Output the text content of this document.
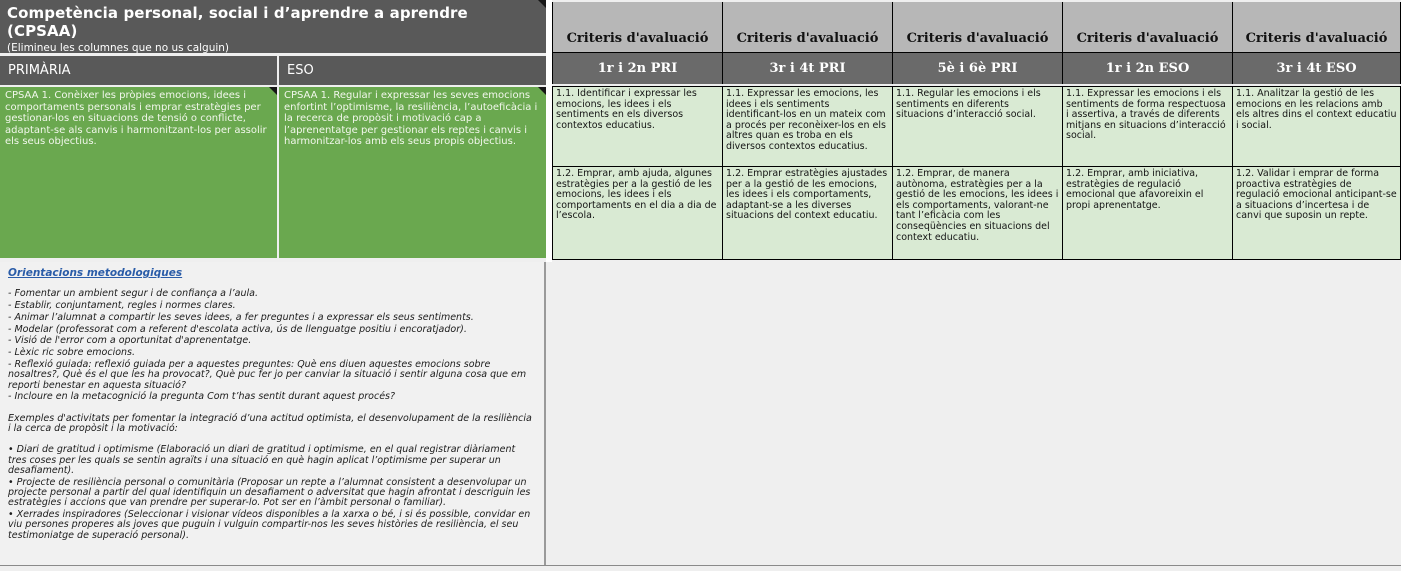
Competència personal, social i d’aprendre a aprendre (CPSAA)
(Elimineu les columnes que no us calguin)
PRIMÀRIA	ESO
CPSAA 1. Conèixer les pròpies emocions, idees i comportaments personals i emprar estratègies per gestionar-los en situacions de tensió o conflicte, adaptant-se als canvis i harmonitzant-los per assolir els seus objectius.
CPSAA 1. Regular i expressar les seves emocions enfortint l’optimisme, la resiliència, l’autoeficàcia i la recerca de propòsit i motivació cap a l’aprenentatge per gestionar els reptes i canvis i harmonitzar-los amb els seus propis objectius.
Orientacions metodologiques
- Fomentar un ambient segur i de confiança a l’aula.
- Establir, conjuntament, regles i normes clares.
- Animar l’alumnat a compartir les seves idees, a fer preguntes i a expressar els seus sentiments.
- Modelar (professorat com a referent d'escolata activa, ús de llenguatge positiu i encoratjador).
- Visió de l'error com a oportunitat d'aprenentatge.
- Lèxic ric sobre emocions.
- Reflexió guiada: reflexió guiada per a aquestes preguntes: Què ens diuen aquestes emocions sobre nosaltres?, Què és el que les ha provocat?, Què puc fer jo per canviar la situació i sentir alguna cosa que em reporti benestar en aquesta situació?
- Incloure en la metacognició la pregunta Com t’has sentit durant aquest procés?
Exemples d'activitats per fomentar la integració d’una actitud optimista, el desenvolupament de la resiliència i la cerca de propòsit i la motivació:
• Diari de gratitud i optimisme (Elaboració un diari de gratitud i optimisme, en el qual registrar diàriament tres coses per les quals se sentin agraïts i una situació en què hagin aplicat l’optimisme per superar un desafiament).
• Projecte de resiliència personal o comunitària (Proposar un repte a l’alumnat consistent a desenvolupar un projecte personal a partir del qual identifiquin un desafiament o adversitat que hagin afrontat i descriguin les estratègies i accions que van prendre per superar-lo. Pot ser en l’àmbit personal o familiar).
• Xerrades inspiradores (Seleccionar i visionar vídeos disponibles a la xarxa o bé, i si és possible, convidar en viu persones properes als joves que puguin i vulguin compartir-nos les seves històries de resiliència, el seu testimoniatge de superació personal).
Criteris d'avaluació
1r i 2n PRI
1.1. Identificar i expressar les emocions, les idees i els sentiments en els diversos contextos educatius.
1.2. Emprar, amb ajuda, algunes estratègies per a la gestió de les emocions, les idees i els comportaments en el dia a dia de l’escola.
Criteris d'avaluació
3r i 4t PRI
1.1. Expressar les emocions, les idees i els sentiments identificant-los en un mateix com a procés per reconèixer-los en els altres quan es troba en els diversos contextos educatius.
1.2. Emprar estratègies ajustades per a la gestió de les emocions, les idees i els comportaments, adaptant-se a les diverses situacions del context educatiu.
Criteris d'avaluació
5è i 6è PRI
1.1. Regular les emocions i els sentiments en diferents situacions d’interacció social.
1.2. Emprar, de manera autònoma, estratègies per a la gestió de les emocions, les idees i els comportaments, valorant-ne tant l’eficàcia com les conseqüències en situacions del context educatiu.
Criteris d'avaluació
1r i 2n ESO
1.1. Expressar les emocions i els sentiments de forma respectuosa i assertiva, a través de diferents mitjans en situacions d’interacció social.
1.2. Emprar, amb iniciativa, estratègies de regulació emocional que afavoreixin el propi aprenentatge.
Criteris d'avaluació
3r i 4t ESO
1.1. Analitzar la gestió de les emocions en les relacions amb els altres dins el context educatiu i social.
1.2. Validar i emprar de forma proactiva estratègies de regulació emocional anticipant-se a situacions d’incertesa i de canvi que suposin un repte.
